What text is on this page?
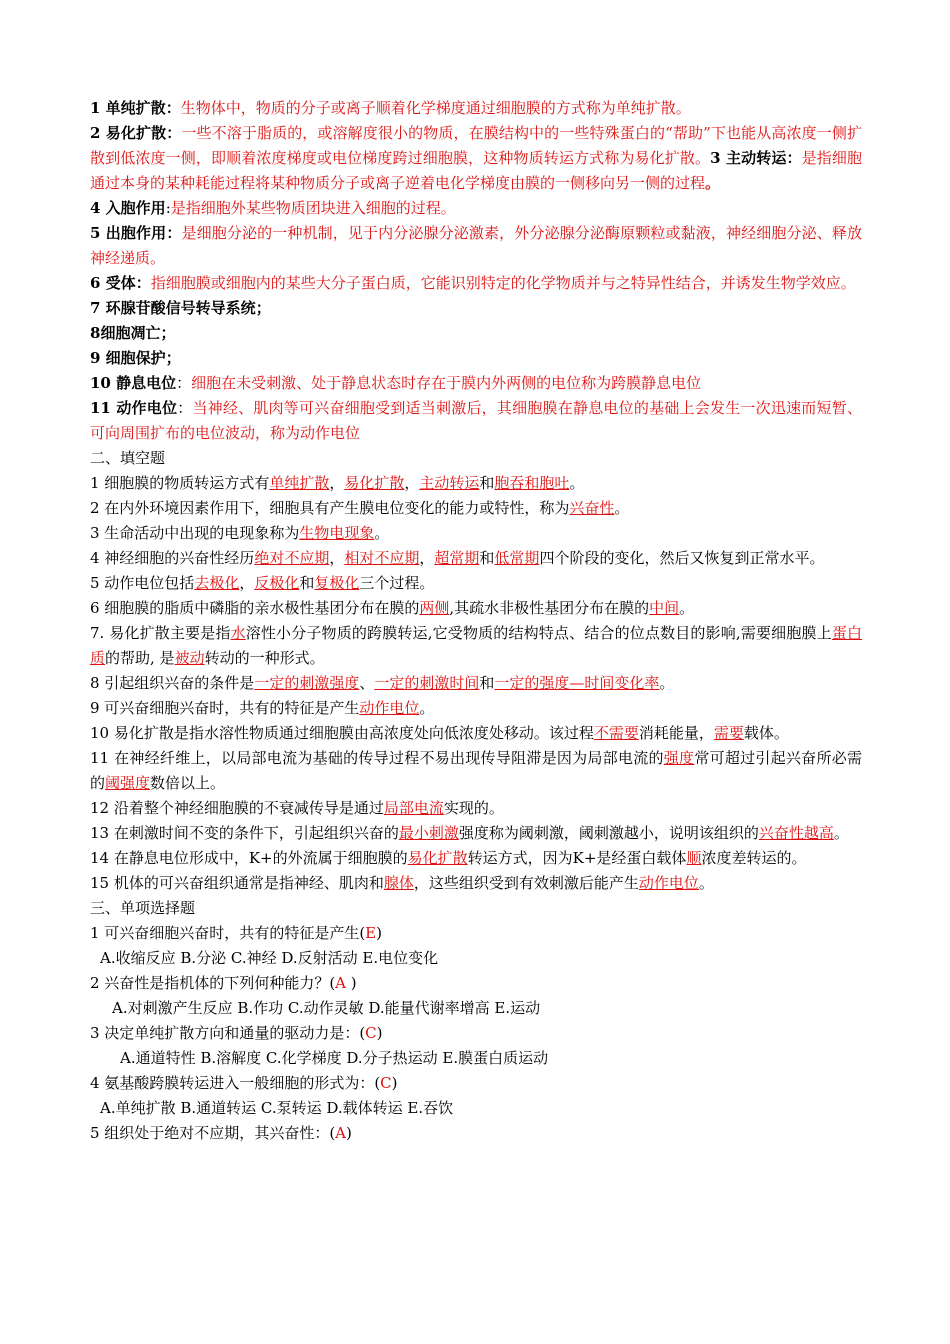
1 单纯扩散：生物体中，物质的分子或离子顺着化学梯度通过细胞膜的方式称为单纯扩散。

2 易化扩散：一些不溶于脂质的，或溶解度很小的物质，在膜结构中的一些特殊蛋白的“帮助”下也能从高浓度一侧扩散到低浓度一侧，即顺着浓度梯度或电位梯度跨过细胞膜，这种物质转运方式称为易化扩散。3 主动转运：是指细胞通过本身的某种耗能过程将某种物质分子或离子逆着电化学梯度由膜的一侧移向另一侧的过程。

4 入胞作用:是指细胞外某些物质团块进入细胞的过程。

5 出胞作用：是细胞分泌的一种机制，见于内分泌腺分泌激素，外分泌腺分泌酶原颗粒或黏液，神经细胞分泌、释放神经递质。

6 受体：指细胞膜或细胞内的某些大分子蛋白质，它能识别特定的化学物质并与之特异性结合，并诱发生物学效应。

7 环腺苷酸信号转导系统；

8细胞凋亡；

9 细胞保护；

10 静息电位：细胞在未受刺激、处于静息状态时存在于膜内外两侧的电位称为跨膜静息电位

11 动作电位：当神经、肌肉等可兴奋细胞受到适当刺激后，其细胞膜在静息电位的基础上会发生一次迅速而短暂、可向周围扩布的电位波动，称为动作电位

二、填空题

1 细胞膜的物质转运方式有单纯扩散，易化扩散，主动转运和胞吞和胞吐。

2 在内外环境因素作用下，细胞具有产生膜电位变化的能力或特性，称为兴奋性。

3 生命活动中出现的电现象称为生物电现象。

4 神经细胞的兴奋性经历绝对不应期，相对不应期，超常期和低常期四个阶段的变化，然后又恢复到正常水平。

5 动作电位包括去极化，反极化和复极化三个过程。

6 细胞膜的脂质中磷脂的亲水极性基团分布在膜的两侧,其疏水非极性基团分布在膜的中间。

7. 易化扩散主要是指水溶性小分子物质的跨膜转运,它受物质的结构特点、结合的位点数目的影响,需要细胞膜上蛋白质的帮助, 是被动转动的一种形式。

8 引起组织兴奋的条件是一定的刺激强度、一定的刺激时间和一定的强度—时间变化率。

9 可兴奋细胞兴奋时，共有的特征是产生动作电位。

10 易化扩散是指水溶性物质通过细胞膜由高浓度处向低浓度处移动。该过程不需要消耗能量，需要载体。

11 在神经纤维上，以局部电流为基础的传导过程不易出现传导阻滞是因为局部电流的强度常可超过引起兴奋所必需的阈强度数倍以上。

12 沿着整个神经细胞膜的不衰减传导是通过局部电流实现的。

13 在刺激时间不变的条件下，引起组织兴奋的最小刺激强度称为阈刺激，阈刺激越小，说明该组织的兴奋性越高。

14 在静息电位形成中，K+的外流属于细胞膜的易化扩散转运方式，因为K+是经蛋白载体顺浓度差转运的。

15 机体的可兴奋组织通常是指神经、肌肉和腺体，这些组织受到有效刺激后能产生动作电位。

三、单项选择题

1 可兴奋细胞兴奋时，共有的特征是产生(E)

A.收缩反应 B.分泌 C.神经 D.反射活动 E.电位变化

2 兴奋性是指机体的下列何种能力？(A )

A.对刺激产生反应 B.作功 C.动作灵敏 D.能量代谢率增高 E.运动

3 决定单纯扩散方向和通量的驱动力是：(C)

A.通道特性 B.溶解度 C.化学梯度 D.分子热运动 E.膜蛋白质运动

4 氨基酸跨膜转运进入一般细胞的形式为：(C)

A.单纯扩散 B.通道转运 C.泵转运 D.载体转运 E.吞饮

5 组织处于绝对不应期，其兴奋性：(A)
